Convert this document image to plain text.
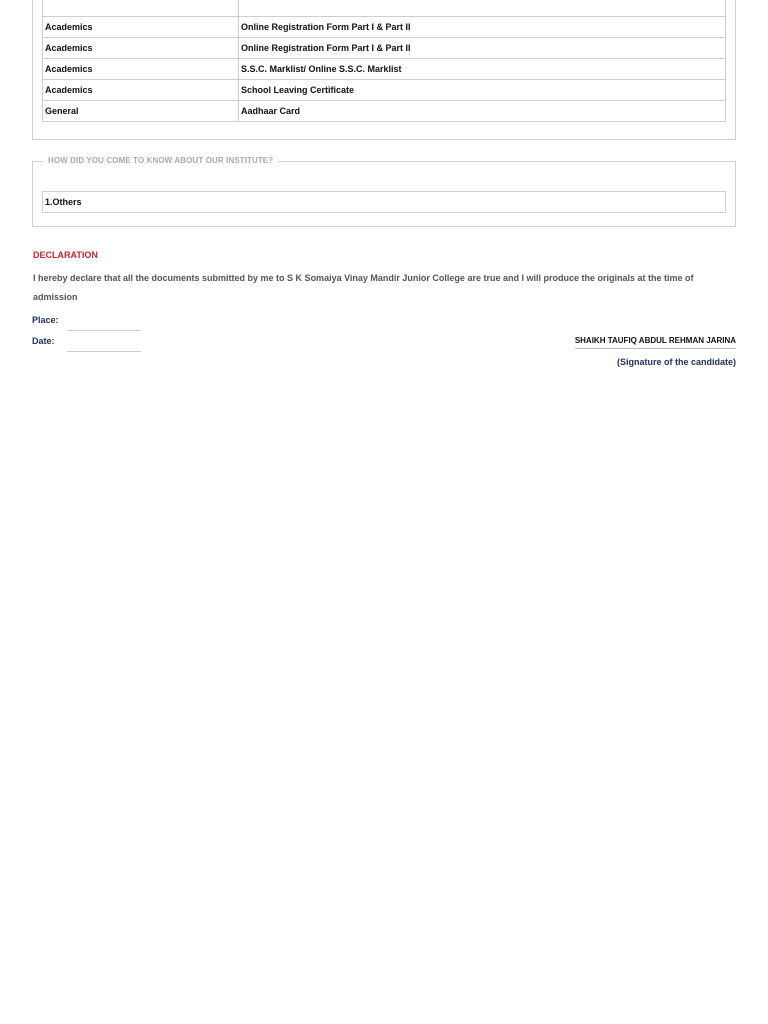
Academics	Online Registration Form Part I & Part II
Academics	Online Registration Form Part I & Part II
Academics	S.S.C. Marklist/ Online S.S.C. Marklist
Academics	School Leaving Certificate
General	Aadhaar Card
HOW DID YOU COME TO KNOW ABOUT OUR INSTITUTE?
1.Others
DECLARATION
I hereby declare that all the documents submitted by me to S K Somaiya Vinay Mandir Junior College are true and I will produce the originals at the time of admission
Place:
Date:	SHAIKH TAUFIQ ABDUL REHMAN JARINA
(Signature of the candidate)
